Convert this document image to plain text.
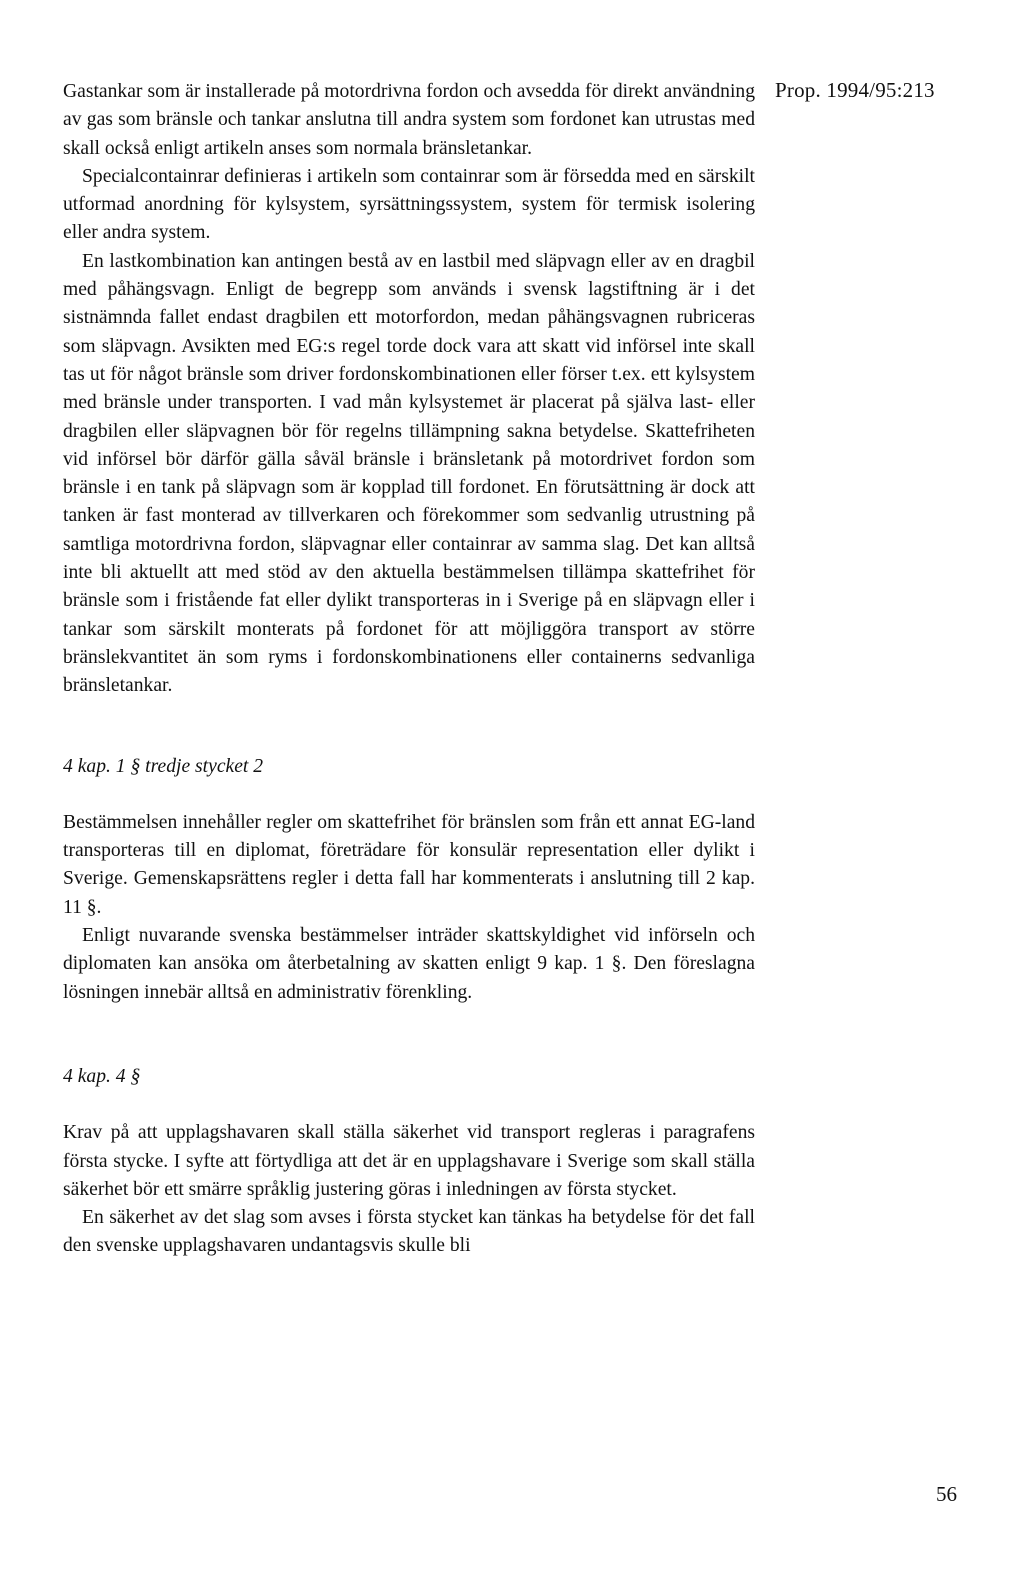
Prop. 1994/95:213

Gastankar som är installerade på motordrivna fordon och avsedda för direkt användning av gas som bränsle och tankar anslutna till andra system som fordonet kan utrustas med skall också enligt artikeln anses som normala bränsletankar.

Specialcontainrar definieras i artikeln som containrar som är försedda med en särskilt utformad anordning för kylsystem, syrsättningssystem, system för termisk isolering eller andra system.

En lastkombination kan antingen bestå av en lastbil med släpvagn eller av en dragbil med påhängsvagn. Enligt de begrepp som används i svensk lagstiftning är i det sistnämnda fallet endast dragbilen ett motorfordon, medan påhängsvagnen rubriceras som släpvagn. Avsikten med EG:s regel torde dock vara att skatt vid införsel inte skall tas ut för något bränsle som driver fordonskombinationen eller förser t.ex. ett kylsystem med bränsle under transporten. I vad mån kylsystemet är placerat på själva last- eller dragbilen eller släpvagnen bör för regelns tillämpning sakna betydelse. Skattefriheten vid införsel bör därför gälla såväl bränsle i bränsletank på motordrivet fordon som bränsle i en tank på släpvagn som är kopplad till fordonet. En förutsättning är dock att tanken är fast monterad av tillverkaren och förekommer som sedvanlig utrustning på samtliga motordrivna fordon, släpvagnar eller containrar av samma slag. Det kan alltså inte bli aktuellt att med stöd av den aktuella bestämmelsen tillämpa skattefrihet för bränsle som i fristående fat eller dylikt transporteras in i Sverige på en släpvagn eller i tankar som särskilt monterats på fordonet för att möjliggöra transport av större bränslekvantitet än som ryms i fordonskombinationens eller containerns sedvanliga bränsletankar.

4 kap. 1 § tredje stycket 2

Bestämmelsen innehåller regler om skattefrihet för bränslen som från ett annat EG-land transporteras till en diplomat, företrädare för konsulär representation eller dylikt i Sverige. Gemenskapsrättens regler i detta fall har kommenterats i anslutning till 2 kap. 11 §.

Enligt nuvarande svenska bestämmelser inträder skattskyldighet vid införseln och diplomaten kan ansöka om återbetalning av skatten enligt 9 kap. 1 §. Den föreslagna lösningen innebär alltså en administrativ förenkling.

4 kap. 4 §

Krav på att upplagshavaren skall ställa säkerhet vid transport regleras i paragrafens första stycke. I syfte att förtydliga att det är en upplagshavare i Sverige som skall ställa säkerhet bör ett smärre språklig justering göras i inledningen av första stycket.

En säkerhet av det slag som avses i första stycket kan tänkas ha betydelse för det fall den svenske upplagshavaren undantagsvis skulle bli

56
